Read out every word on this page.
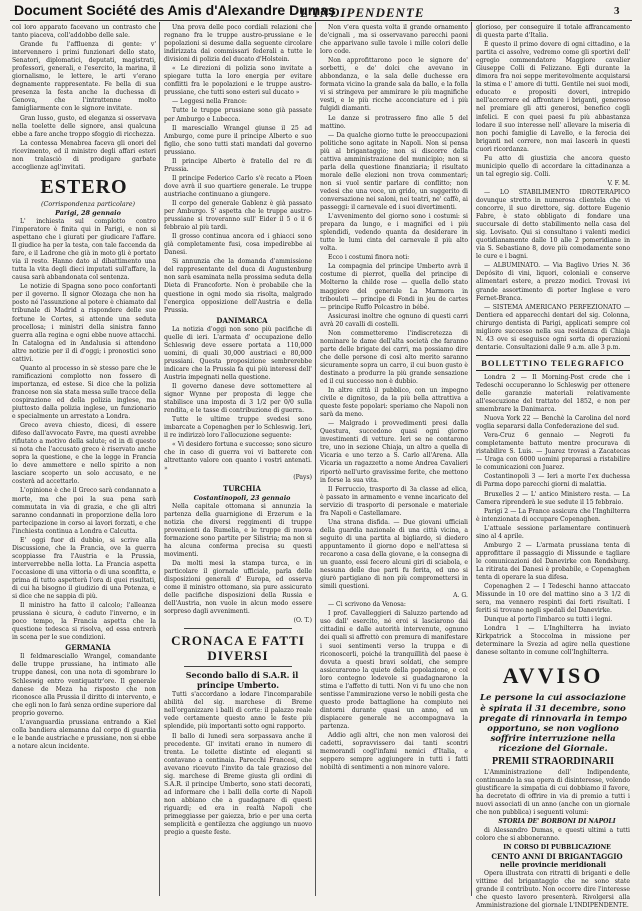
Document Société des Amis d'Alexandre Dumas
L'INDIPENDENTE	3

col loro apparato facevano un contrasto che tanto piaceva, coll'addobbo delle sale.

Grande fu l'affluenza di gente: v' intervennero i primi funzionari dello stato, Senatori, diplomatici, deputati, magistrati, professori, generali, e l'esercito, la marina, il giornalismo, le lettere, le arti v'erano degnamente rappresentate. Fe bella di sua presenza la festa anche la duchessa di Genova, che l'intrattenne molto famigliarmente con le signore invitate.

Gran lusso, gusto, ed eleganza si osservava nella toelette delle signore, ansi qualcuna ebbe a fare anche troppo sfoggio di ricchezza.

La contessa Menabrea faceva gli onori del ricevimento, ed il ministro degli affari esteri non tralasciò di prodigare garbate accoglienze agl'invitati.

ESTERO

(Corrispondenza particolare)

Parigi, 28 gennaio

L' inchiesta sul complotto contro l'imperatore è finita qui in Parigi, e non si aspettano che i giurati per giudicare l'affare. Il giudice ha per la testa, con tale faccenda da fare, e il Ladrone che già in moto gli è portato via il resto. Hanno dato al dibattimento una tutta la vita degli dieci imputati sull'affare, la causa sarà abbandonata col sentenza.

Le notizie di Spagna sono poco confortanti per il governo. Il signor Olozaga che non ha posto né l'assunzione al potere è chiamato dal tribunale di Madrid a rispondere delle sue fortune le Cortes, si attende una seduta procellosa; i ministri della sinistra fanno guerra alla regina e ogni ebbe nuove attacchi. In Catalogna ed in Andalusia si attendono altre notizie per il dì d'oggi; i pronostici sono cattivi.

Quanto al processo in sè stesso pare che le ramificazioni complotto non fossero di importanza, ed estese. Si dice che la polizia francese non sia stata messa sulle tracce della cospirazione ed della polizia inglese, ma piuttosto dalla polizia inglese, un funzionario e specialmente un arrestato a Londra.

Greco aveva chiesto, dicesi, di essere difeso dall'avvocato Favre, ma questi avrebbe rifiutato a motivo della salute; ed in di questo si nota che l'accusato greco è riservato anche sopra la questione, e che la legge in Francia lo deve ammettere e nello spirito a non lasciare scoperto un solo accusato, e ne costerà ad accettarlo.

L'opinione è che il Greco sarà condannato a morte, ma che poi la sua pena sarà commutata in via di grazia, e che gli altri saranno condannati in proporzione della loro partecipazione in corso ai lavori forzati, e che l'inchiesta continua a Londra e Calcutta.

E' oggi fuor di dubbio, si scrive alla Discussione, che la Francia, ove la guerra scoppiasse fra l'Austria e la Prussia, interverrebbe nella lotta. La Francia aspetta l'occasione di una vittoria o di una sconfitta, e prima di tutto aspetterà l'ora di quei risultati, di cui ha bisogno il giudizio di una Potenza, e si dice che ne sappia di più.

Il ministro ha fatto il calcolo; l'alleanza prussiana è sicura, è caduto l'inverno, e in poco tempo, la Francia aspetta che la questione tedesca si risolva, ed essa entrerà in scena per le sue condizioni.

GERMANIA

Il feldmaresciallo Wrangel, comandante delle truppe prussiane, ha intimato alle truppe danesi, con una nota di sgombrare lo Schleswig entro ventiquattr'ore. Il generale danese de Meza ha risposto che non riconosce alla Prussia il diritto di intervento, e che egli non lo farà senza ordine superiore dal proprio governo.

L'avanguardia prussiana entrando a Kiel colla bandiera alemanna dal corpo di guardia e le bande austriache e prussiane, non si ebbe a notare alcun incidente.

Una prova delle poco cordiali relazioni che regnano fra le truppe austro-prussiane e le popolazioni si desume dalla seguente circolare indirizzata dai commissari federali a tutte le divisioni di polizia del ducato d'Holstein.

« Le direzioni di polizia sono invitate a spiegare tutta la loro energia per evitare conflitti fra le popolazioni e le truppe austro-prussiane, che tutti sono esteri sul ducato »

— Leggesi nella France:

Tutte le truppe prussiane sono già passate per Amburgo e Lubecca.

Il maresciallo Wrangel giunse il 25 ad Amburgo, come pure il principe Alberto e suo figlio, che sono tutti stati mandati dal governo prussiano.

Il principe Alberto è fratello del re di Prussia.

Il principe Federico Carlo s'è recato a Ploen dove avrà il suo quartiere generale. Le truppe austriache continuano a giungere.

Il corpo del generale Gablenz è già passato per Amburgo. S' aspetta che le truppe austro-prussiane si troveranno sull' Eider il 5 o il 6 febbraio al più tardi.

Il grosso continua ancora ed i ghiacci sono già completamente fusi, cosa impedirebbe ai Danesi.

Si annunzia che la domanda d'ammissione del rappresentante del duca di Augustenburg non sarà esaminata nella prossima seduta della Dieta di Francoforte. Non è probabile che la questione in ogni modo sia risolta, malgrado l'energica opposizione dell'Austria e della Prussia.

DANIMARCA

La notizia d'oggi non sono più pacifiche di quelle di ieri. L'armata d' occupazione dello Schleswig deve essere portata a 110,000 uomini, di quali 30,000 austriaci e 80,000 prussiani. Questa proposizione sembrerebbe indicare che la Prussia fa qui più interessi dell' Austria impegnati nella questione.

Il governo danese deve sottomettere al signor Wynne per proposta di legge che stabilisce una imposta di 3 1/2 per 0/0 sulla rendita, e le tasse di contribuzione di guerra.

Tutte le ultime truppe svedesi sono imbarcate a Copenaghen per lo Schleswig. Ieri, il re indirizzò loro l'allocuzione seguente:

« Vi desidero fortuna e successo; sono sicuro che in caso di guerra voi vi batterete con altrettanto valore con quanto i vostri antenati. »

(Pays)

TURCHIA

Costantinopoli, 23 gennaio

Nella capitale ottomana si annunzia la partenza della guarnigione di Erzerum e la notizia che diversi reggimenti di truppe provenienti da Rumelia, e le truppe di nuova formazione sono partite per Silistria; ma non si ha alcuna conferma precisa su questi movimenti.

Da molti mesi la stampa turca, e in particolare il giornale ufficiale, parla delle disposizioni generali d' Europa, ed osserva come il ministro ottomano, sia pure assicurato delle pacifiche disposizioni della Russia e dell'Austria, non vuole in alcun modo essere sorpreso dagli avvenimenti.

(O. T.)

CRONACA E FATTI DIVERSI

Secondo ballo di S.A.R. il principe Umberto.

Tutti s'accordano a lodare l'incomparabile abilità del sig. marchese di Breme nell'organizzare i balli di corte: il palazzo reale vede certamente questo anno le feste più splendide, più importanti sotto ogni rapporto.

Il ballo di lunedì sera sorpassava anche il precedente. Gl' invitati erano in numero di trenta. Le toilette distinte ed eleganti si contavano a centinaia. Parecchi Francesi, che avevano ricevuto l'invito da tale grazioso del sig. marchese di Breme giusta gli ordini di S.A.R. il principe Umberto, sono stati decorati, ad informare che i balli della corte di Napoli non abbiano che a guadagnare di questi riguardi; ed era in realtà Napoli che primeggiasse per gaiezza, brio e per una certa semplicità e gentilezza che aggiungo un nuovo pregio a queste feste.

Non v'era questa volta il grande ornamento de'cignali , ma si osservavano parecchi paoni che apparivano sulle tavole i mille colori delle loro code.

Non approfittarono poco le signore de' sorbetti, e de' dolci che avevano in abbondanza, e la sala delle duchesse era formata vicino la grande sala da ballo, e la folla vi si stringeva per ammirare le più magnifiche vesti, e le più ricche acconciature ed i più fulgidi diamanti.

Le danze si protrassero fino alle 5 del mattino.

— Da qualche giorno tutte le preoccupazioni politiche sono agitate in Napoli. Non si pensa più al brigantaggio; non si discorre della cattiva amministrazione del municipio; non si parla della questione finanziaria; il risultato morale delle elezioni non trova commentari; non si vuol sentir parlare di conflitto; non vedesi che una voce, un grido, un suggerito di conversazione nei saloni, nei teatri, ne' caffè, ai passeggi: il carnevale ed i suoi divertimenti.

L'avvenimento del giorno sono i costumi: si prepara da lungo, e i magnifici ed i più splendidi, vedendo quanta da desiderare in tutte le lumi cinta del carnevale il più alto volta.

Ecco i costumi finora noti:

La compagnia del principe Umberto avrà il costume di pierrot, quella del principe di Molterno la childe rose — quella dello stato maggiore del generale La Marmora in tribouleti — principe di Fondi in jeu de cartes — principe Ruffo Polcastro in bébé.

Assicurasi inoltre che ognuno di questi carri avrà 20 cavalli di costelli.

Non commetteremo l'indiscretezza di nominare le dame dell'alta società che faranno parte delle brigate dei carri, ma possiamo dire che delle persone di così alto merito saranno sicuramente sopra un carro, il cui buon gusto è destinato a produrre la più grande sensazione ed il cui successo non è dubbio.

In altre città il pubblico, con un impegno civile e dignitoso, da la più bella attrattiva a queste feste popolari: speriamo che Napoli non sarà da meno.

— Malgrado i provvedimenti presi dalla Questura, succedono quasi ogni giorno investimenti di vetture. Ieri se ne contarono tre, uno in sezione Chiaja, un altro a quella di Vicaria e uno terzo a S. Carlo all'Arena. Alla Vicaria un ragazzetto a nome Andrea Cavalieri riportò nell'urto gravissime ferite, che mettono in forse la sua vita.

Il Ferruccio, trasporto di 3a classe ad elica, è passato in armamento e venne incaricato del servizio di trasporto di personale e materiale fra Napoli e Castellamare.

Una strana disfida. — Due giovani ufficiali della guardia nazionale di una città vicina, a seguito di una partita al bigliardo, si diedero appuntamento il giorno dopo e nell'attesa si recarono a casa della giovane, e la consegna di un guanto, essi fecero alcuni giri di sciabola, e nessuna delle due parti fu ferita, ed uno si giurò partigiano di non più compromettersi in simili questioni.

A. G.

— Ci scrivono da Venosa:

I prof. Cavalleggieri di Saluzzo partendo ad uso dall' esercito, né eroi si lasciarono dai cittadini e dalle autorità intervenute, ognuno dei quali si affrettò con premura di manifestare i suoi sentimenti verso la truppa e di riconoscerli, poiché la tranquillità del paese è dovuta a questi bravi soldati, che sempre assicurarono la quiete della popolazione, e col loro contegno lodevole si guadagnarono la stima e l'affetto di tutti. Non vi fu uno che non sentisse l'ammirazione verso le nobili gesta che questo prode battaglione ha compiuto nei dintorni durante quasi un anno, ed un dispiacere generale ne accompagnava la partenza.

Addio agli altri, che non men valorosi dei cadetti, sopravvissero dai tanti scontri memorandi cogl'infami nemici d'Italia, e seppero sempre aggiungere in tutti i fatti nobiltà di sentimenti a non minore valore.

glorioso, per conseguire il totale affrancamento di questa parte d'Italia.

È questo il primo dovere di ogni cittadino, e la partita ci assolve, vedremo come gli sportivi dell' egregio commendatore Maggiore cavalier Giuseppe Colli di Felizzano. Egli durante la dimora fra noi seppe meritevolmente acquistarsi la stima e l' amore di tutti. Gentile nei suoi modi, educato e propositi doveri, intrepido nell'accorrere ed affrontare i briganti, generoso nel premiare gli atti generosi, benefico cogli infelici. E con quei paesi fu più abbastanza lodare il suo interesse nell' allevare la miseria di non pochi famiglie di Lavello, e la ferocia dei briganti nel correre, non mai lascerà in questi cuori ricordanza.

Fu atto di giustizia che ancora questo municipio quello di accordare la cittadinanza a un tal egregio sig. Colli.

V. F. M.

— LO STABILIMENTO IDROTERAPICO dovunque stretto in numerosa clientela che vi concorre, il suo direttore, sig. dottore Eugenio Fabre, è stato obbligato di fondare una succursale di detto stabilimento nella casa del sig. Lovisato. Qui si consultano i valenti medici quotidianamente dalle 10 alle 2 pomeridiane in via S. Sebastiano 8, dove più comodamente sono le cure e i bagni.

— ALBUMINATO. — Via Baglivo Uries N. 36 Depósito di vini, liquori, coloniali e conserve alimentari estere, a prezzo modici. Trovasi ivi grande assortimento di porter Inglese e vero Fernet-Branca.

— SISTEMA AMERICANO PERFEZIONATO — Dentiera ed apparecchi dentari del sig. Colonna, chirurgo dentista di Parigi, applicati sempre col migliore successo nella sua residenza di Chiaja N. 43 ove si eseguisce ogni sorta di operazioni dentarie. Consultazioni dalle 9 a.m. alle 3 p.m.

BOLLETTINO TELEGRAFICO

Londra 2 — Il Morning-Post crede che i Tedeschi occuperanno lo Schleswig per ottenere delle garanzie materiali relativamente all'esecuzione del trattato del 1852, e non per smembrare la Danimarca.

Nuova York 22 — Benchè la Carolina del nord voglia separarsi dalla Confederazione del sud.

Vera-Cruz 6 gennaio — Negroti fu completamente battuto mentre procurava di ristabilire S. Luis. — Juarez trovasi a Zacatecas — Uraga con 6000 uomini preparasi a ristabilire le comunicazioni con Juarez.

Costantinopoli 3 — Ieri a morte l'ex duchessa di Parma dopo parecchi giorni di malattia.

Bruxelles 2 — L' antico Ministero resta. — La Camera riprenderà le sue sedute il 15 febbraio.

Parigi 2 — La France assicura che l'Inghilterra è intenzionata di occupare Copenaghen.

L'attuale sessione parlamentare continuerà sino al 4 aprile.

Amburgo 2 — L'armata prussiana tenta di approfittare il passaggio di Missunde e tagliare le comunicazioni del Danevirke con Rendsburg. La ritirata dei Danesi è probabile, e Copenaghen tenta di operare la sua difesa.

Copenaghen 2 — I Tedeschi hanno attaccato Missunde in 10 ore del mattino sino a 3 1/2 di sera, ma vennero respinti dai forti risultati. I feriti si trovano negli spedali del Danevirke.

Dunque al porto l'imbarco su tutti i legni.

Londra 1 — L'Inghilterra ha inviato Kirkpatrick a Stoccolma in missione per determinare la Svezia ad agire nella questione danese soltanto in comune coll'Inghilterra.

AVVISO
Le persone la cui associazione è spirata il 31 decembre, sono pregate di rinnovarla in tempo opportuno, se non vogliono soffrire interruzione nella ricezione del Giornale.
PREMII STRAORDINARII

L'Amministrazione dell' Indipendente, continuando la sua opera di disinteresse, volendo giustificare la simpatia di cui dobbiamo il favore, ha decretato di offrire in via di premio a tutti i nuovi associati di un anno (anche con un giornale che non pubblica) i seguenti volumi:

STORIA DE' BORBONI DI NAPOLI

di Alessandro Dumas, e questi ultimi a tutti coloro che si abboneranno.

IN CORSO DI PUBBLICAZIONE

CENTO ANNI DI BRIGANTAGGIO nelle provincie meridionali

Opera illustrata con ritratti di briganti e delle vittime del brigantaggio che ne sono state grande il contributo. Non occorre dire l'interesse che questo lavoro presenterà. Rivolgersi alla Amministrazione del giornale L'INDIPENDENTE.
